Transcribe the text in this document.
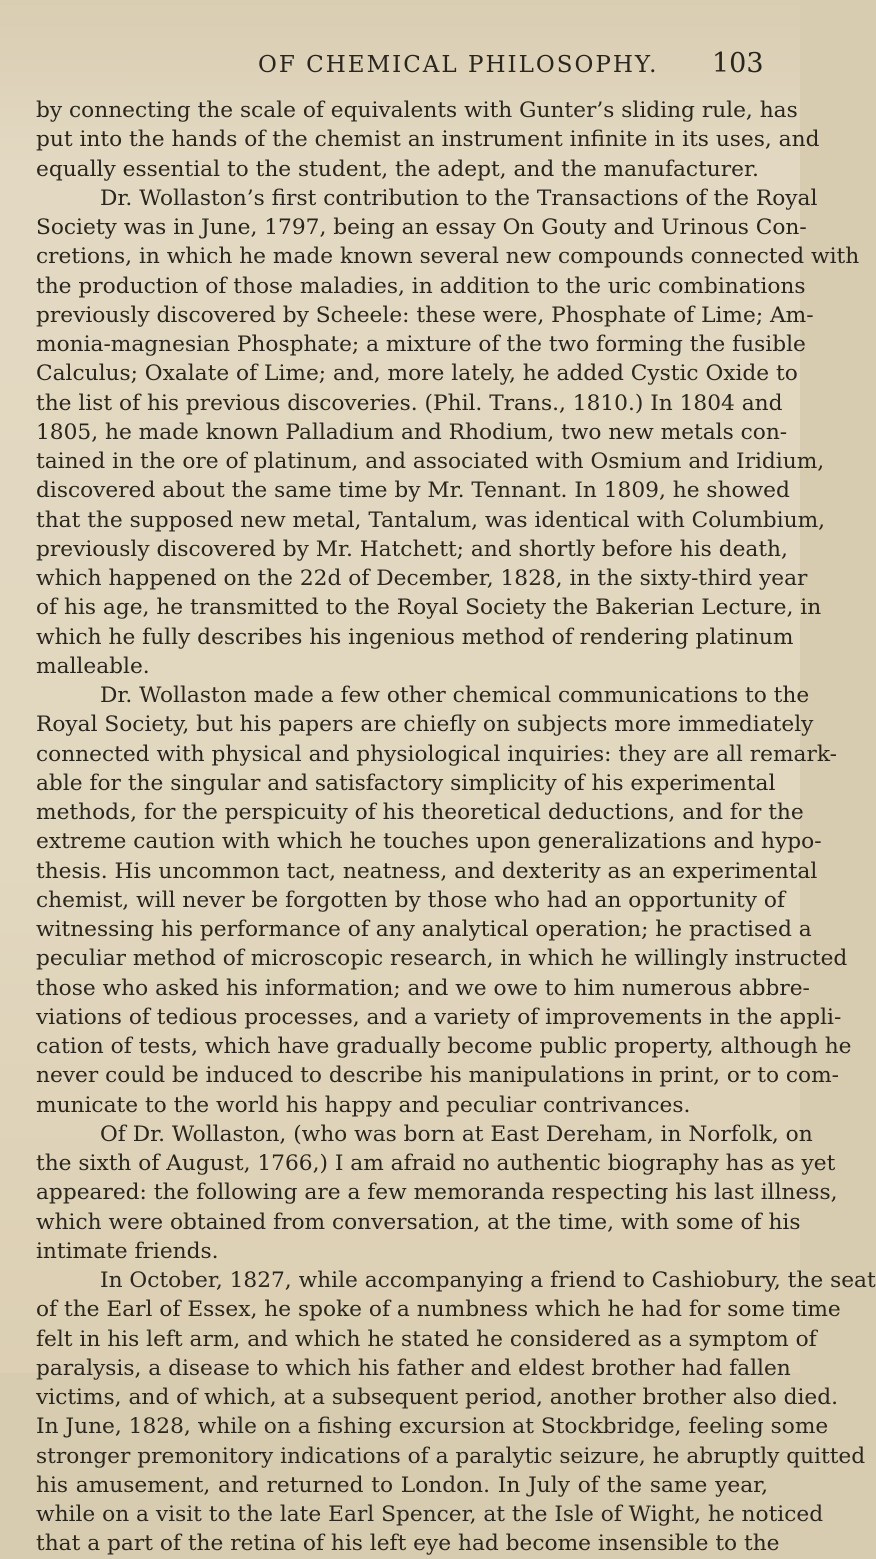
OF CHEMICAL PHILOSOPHY. 103
by connecting the scale of equivalents with Gunter’s sliding rule, has
put into the hands of the chemist an instrument infinite in its uses, and
equally essential to the student, the adept, and the manufacturer.
Dr. Wollaston’s first contribution to the Transactions of the Royal
Society was in June, 1797, being an essay On Gouty and Urinous Con-
cretions, in which he made known several new compounds connected with
the production of those maladies, in addition to the uric combinations
previously discovered by Scheele: these were, Phosphate of Lime; Am-
monia-magnesian Phosphate; a mixture of the two forming the fusible
Calculus; Oxalate of Lime; and, more lately, he added Cystic Oxide to
the list of his previous discoveries. (Phil. Trans., 1810.) In 1804 and
1805, he made known Palladium and Rhodium, two new metals con-
tained in the ore of platinum, and associated with Osmium and Iridium,
discovered about the same time by Mr. Tennant. In 1809, he showed
that the supposed new metal, Tantalum, was identical with Columbium,
previously discovered by Mr. Hatchett; and shortly before his death,
which happened on the 22d of December, 1828, in the sixty-third year
of his age, he transmitted to the Royal Society the Bakerian Lecture, in
which he fully describes his ingenious method of rendering platinum
malleable.
Dr. Wollaston made a few other chemical communications to the
Royal Society, but his papers are chiefly on subjects more immediately
connected with physical and physiological inquiries: they are all remark-
able for the singular and satisfactory simplicity of his experimental
methods, for the perspicuity of his theoretical deductions, and for the
extreme caution with which he touches upon generalizations and hypo-
thesis. His uncommon tact, neatness, and dexterity as an experimental
chemist, will never be forgotten by those who had an opportunity of
witnessing his performance of any analytical operation; he practised a
peculiar method of microscopic research, in which he willingly instructed
those who asked his information; and we owe to him numerous abbre-
viations of tedious processes, and a variety of improvements in the appli-
cation of tests, which have gradually become public property, although he
never could be induced to describe his manipulations in print, or to com-
municate to the world his happy and peculiar contrivances.
Of Dr. Wollaston, (who was born at East Dereham, in Norfolk, on
the sixth of August, 1766,) I am afraid no authentic biography has as yet
appeared: the following are a few memoranda respecting his last illness,
which were obtained from conversation, at the time, with some of his
intimate friends.
In October, 1827, while accompanying a friend to Cashiobury, the seat
of the Earl of Essex, he spoke of a numbness which he had for some time
felt in his left arm, and which he stated he considered as a symptom of
paralysis, a disease to which his father and eldest brother had fallen
victims, and of which, at a subsequent period, another brother also died.
In June, 1828, while on a fishing excursion at Stockbridge, feeling some
stronger premonitory indications of a paralytic seizure, he abruptly quitted
his amusement, and returned to London. In July of the same year,
while on a visit to the late Earl Spencer, at the Isle of Wight, he noticed
that a part of the retina of his left eye had become insensible to the
